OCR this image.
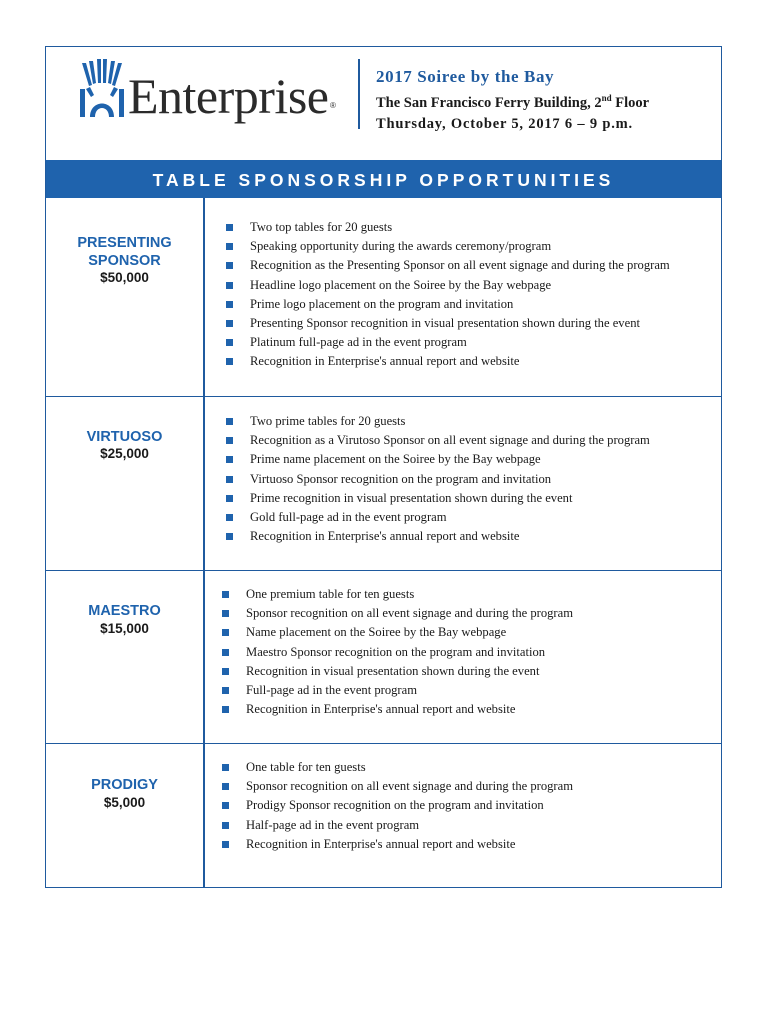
Enterprise ®
2017 Soiree by the Bay
The San Francisco Ferry Building, 2nd Floor
Thursday, October 5, 2017 6 – 9 p.m.
TABLE SPONSORSHIP OPPORTUNITIES
PRESENTING
SPONSOR
$50,000
Two top tables for 20 guests
Speaking opportunity during the awards ceremony/program
Recognition as the Presenting Sponsor on all event signage and during the program
Headline logo placement on the Soiree by the Bay webpage
Prime logo placement on the program and invitation
Presenting Sponsor recognition in visual presentation shown during the event
Platinum full-page ad in the event program
Recognition in Enterprise's annual report and website
VIRTUOSO
$25,000
Two prime tables for 20 guests
Recognition as a Virutoso Sponsor on all event signage and during the program
Prime name placement on the Soiree by the Bay webpage
Virtuoso Sponsor recognition on the program and invitation
Prime recognition in visual presentation shown during the event
Gold full-page ad in the event program
Recognition in Enterprise's annual report and website
MAESTRO
$15,000
One premium table for ten guests
Sponsor recognition on all event signage and during the program
Name placement on the Soiree by the Bay webpage
Maestro Sponsor recognition on the program and invitation
Recognition in visual presentation shown during the event
Full-page ad in the event program
Recognition in Enterprise's annual report and website
PRODIGY
$5,000
One table for ten guests
Sponsor recognition on all event signage and during the program
Prodigy Sponsor recognition on the program and invitation
Half-page ad in the event program
Recognition in Enterprise's annual report and website
